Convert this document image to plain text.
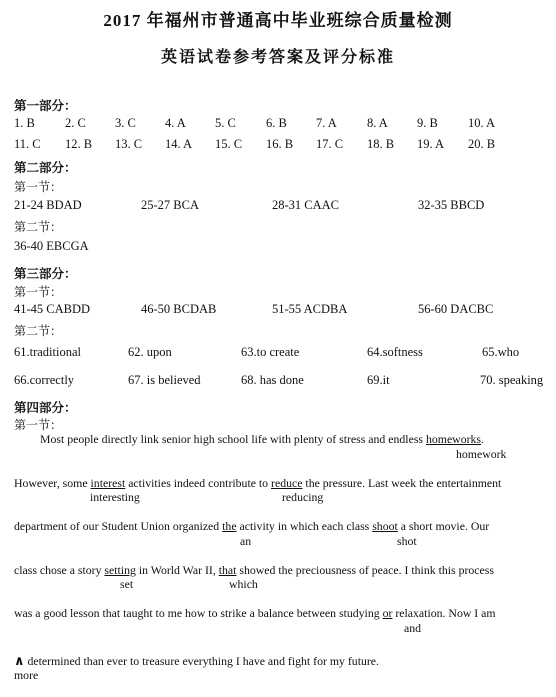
2017 年福州市普通高中毕业班综合质量检测
英语试卷参考答案及评分标准
第一部分：
1. B 2. C 3. C 4. A 5. C 6. B 7. A 8. A 9. B 10. A
11. C 12. B 13. C 14. A 15. C 16. B 17. C 18. B 19. A 20. B
第二部分：
第一节：
21-24 BDAD	25-27 BCA	28-31 CAAC	32-35 BBCD
第二节：
36-40 EBCGA
第三部分：
第一节：
41-45 CABDD	46-50 BCDAB	51-55 ACDBA	56-60 DACBC
第二节：
61.traditional	62. upon	63.to create	64.softness	65.who
66.correctly	67. is believed	68. has done	69.it	70. speaking
第四部分：
第一节：
Most people directly link senior high school life with plenty of stress and endless homeworks.
homework
However, some interest activities indeed contribute to reduce the pressure. Last week the entertainment
interesting	reducing
department of our Student Union organized the activity in which each class shoot a short movie. Our
an	shot
class chose a story setting in World War II, that showed the preciousness of peace. I think this process
set	which
was a good lesson that taught to me how to strike a balance between studying or relaxation. Now I am
and
∧ determined than ever to treasure everything I have and fight for my future.
more
